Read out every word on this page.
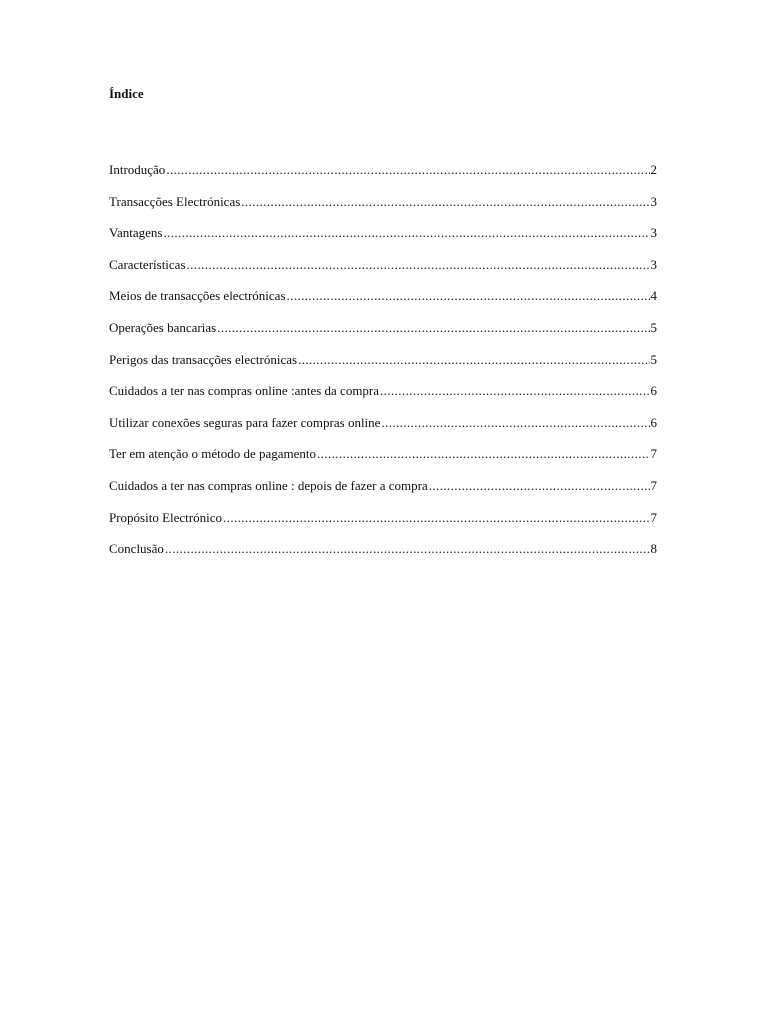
Índice
Introdução .....	2
Transacções Electrónicas .....	3
Vantagens .....	3
Características .....	3
Meios de transacções electrónicas .....	4
Operações bancarias .....	5
Perigos das transacções electrónicas .....	5
Cuidados a ter nas compras online :antes da compra .....	6
Utilizar conexões seguras para fazer compras online .....	6
Ter em atenção o método de pagamento .....	7
Cuidados a ter nas compras online : depois de fazer a compra .....	7
Propósito Electrónico .....	7
Conclusão .....	8
